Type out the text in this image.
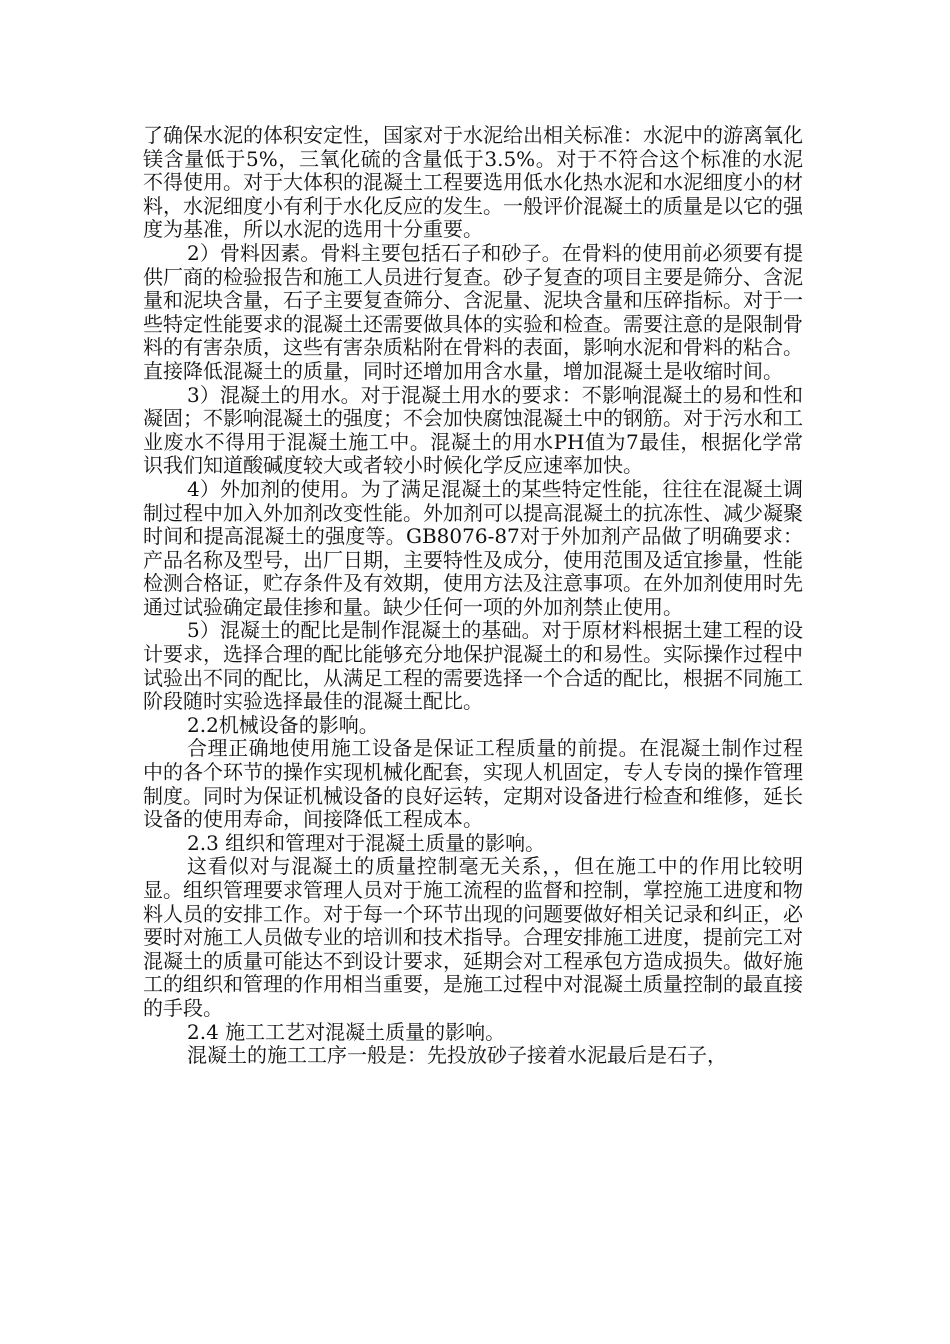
了确保水泥的体积安定性，国家对于水泥给出相关标准：水泥中的游离氧化镁含量低于5%，三氧化硫的含量低于3.5%。对于不符合这个标准的水泥不得使用。对于大体积的混凝土工程要选用低水化热水泥和水泥细度小的材料，水泥细度小有利于水化反应的发生。一般评价混凝土的质量是以它的强度为基准，所以水泥的选用十分重要。

2）骨料因素。骨料主要包括石子和砂子。在骨料的使用前必须要有提供厂商的检验报告和施工人员进行复查。砂子复查的项目主要是筛分、含泥量和泥块含量，石子主要复查筛分、含泥量、泥块含量和压碎指标。对于一些特定性能要求的混凝土还需要做具体的实验和检查。需要注意的是限制骨料的有害杂质，这些有害杂质粘附在骨料的表面，影响水泥和骨料的粘合。直接降低混凝土的质量，同时还增加用含水量，增加混凝土是收缩时间。

3）混凝土的用水。对于混凝土用水的要求：不影响混凝土的易和性和凝固；不影响混凝土的强度；不会加快腐蚀混凝土中的钢筋。对于污水和工业废水不得用于混凝土施工中。混凝土的用水PH值为7最佳，根据化学常识我们知道酸碱度较大或者较小时候化学反应速率加快。

4）外加剂的使用。为了满足混凝土的某些特定性能，往往在混凝土调制过程中加入外加剂改变性能。外加剂可以提高混凝土的抗冻性、减少凝聚时间和提高混凝土的强度等。GB8076-87对于外加剂产品做了明确要求：产品名称及型号，出厂日期，主要特性及成分，使用范围及适宜掺量，性能检测合格证，贮存条件及有效期，使用方法及注意事项。在外加剂使用时先通过试验确定最佳掺和量。缺少任何一项的外加剂禁止使用。

5）混凝土的配比是制作混凝土的基础。对于原材料根据土建工程的设计要求，选择合理的配比能够充分地保护混凝土的和易性。实际操作过程中试验出不同的配比，从满足工程的需要选择一个合适的配比，根据不同施工阶段随时实验选择最佳的混凝土配比。

2.2机械设备的影响。

合理正确地使用施工设备是保证工程质量的前提。在混凝土制作过程中的各个环节的操作实现机械化配套，实现人机固定，专人专岗的操作管理制度。同时为保证机械设备的良好运转，定期对设备进行检查和维修，延长设备的使用寿命，间接降低工程成本。

2.3 组织和管理对于混凝土质量的影响。

这看似对与混凝土的质量控制毫无关系，，但在施工中的作用比较明显。组织管理要求管理人员对于施工流程的监督和控制，掌控施工进度和物料人员的安排工作。对于每一个环节出现的问题要做好相关记录和纠正，必要时对施工人员做专业的培训和技术指导。合理安排施工进度，提前完工对混凝土的质量可能达不到设计要求，延期会对工程承包方造成损失。做好施工的组织和管理的作用相当重要，是施工过程中对混凝土质量控制的最直接的手段。

2.4 施工工艺对混凝土质量的影响。

混凝土的施工工序一般是：先投放砂子接着水泥最后是石子，
